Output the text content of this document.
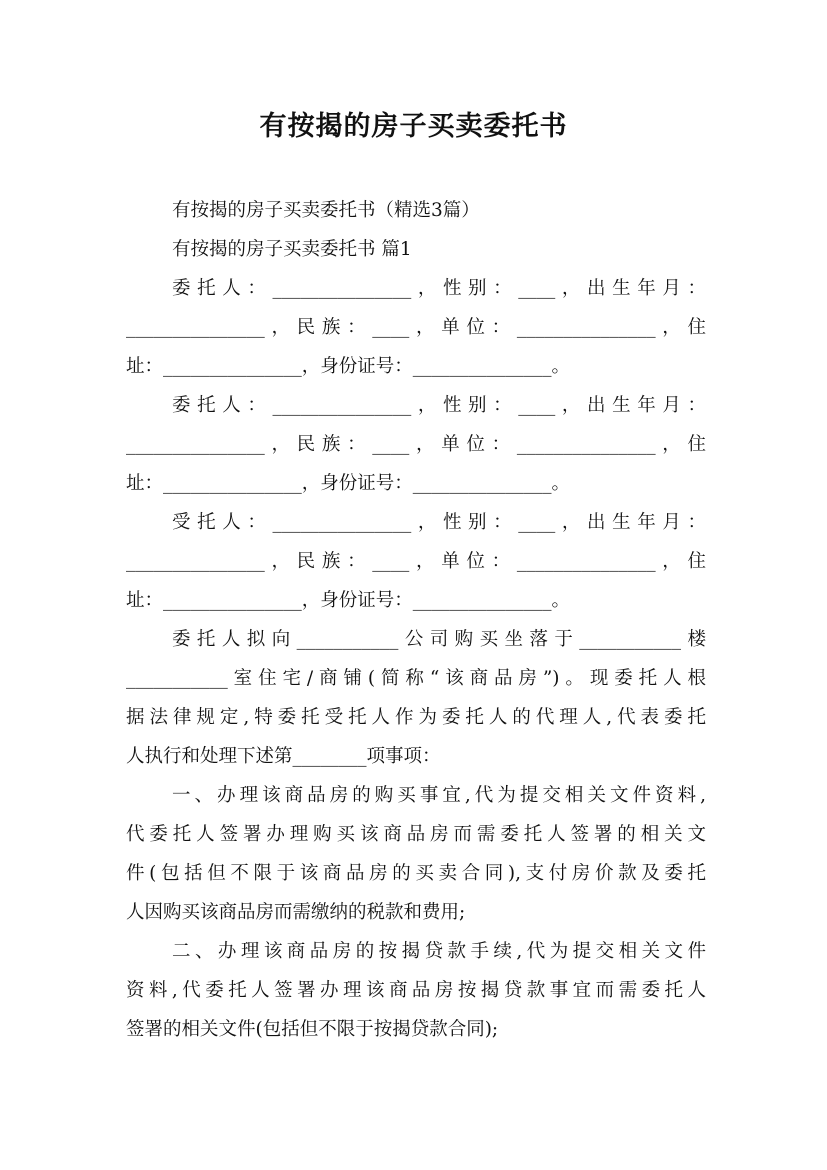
有按揭的房子买卖委托书
有按揭的房子买卖委托书（精选3篇）
有按揭的房子买卖委托书 篇1
委托人：_______________，性别：____，出生年月：
_______________，民族：____，单位：_______________，住
址：_______________，身份证号：_______________。
委托人：_______________，性别：____，出生年月：
_______________，民族：____，单位：_______________，住
址：_______________，身份证号：_______________。
受托人：_______________，性别：____，出生年月：
_______________，民族：____，单位：_______________，住
址：_______________，身份证号：_______________。
委托人拟向___________公司购买坐落于___________楼
___________室住宅/商铺(简称“该商品房”)。现委托人根
据法律规定,特委托受托人作为委托人的代理人,代表委托
人执行和处理下述第________项事项：
一、办理该商品房的购买事宜,代为提交相关文件资料,
代委托人签署办理购买该商品房而需委托人签署的相关文
件(包括但不限于该商品房的买卖合同),支付房价款及委托
人因购买该商品房而需缴纳的税款和费用;
二、办理该商品房的按揭贷款手续,代为提交相关文件
资料,代委托人签署办理该商品房按揭贷款事宜而需委托人
签署的相关文件(包括但不限于按揭贷款合同);
